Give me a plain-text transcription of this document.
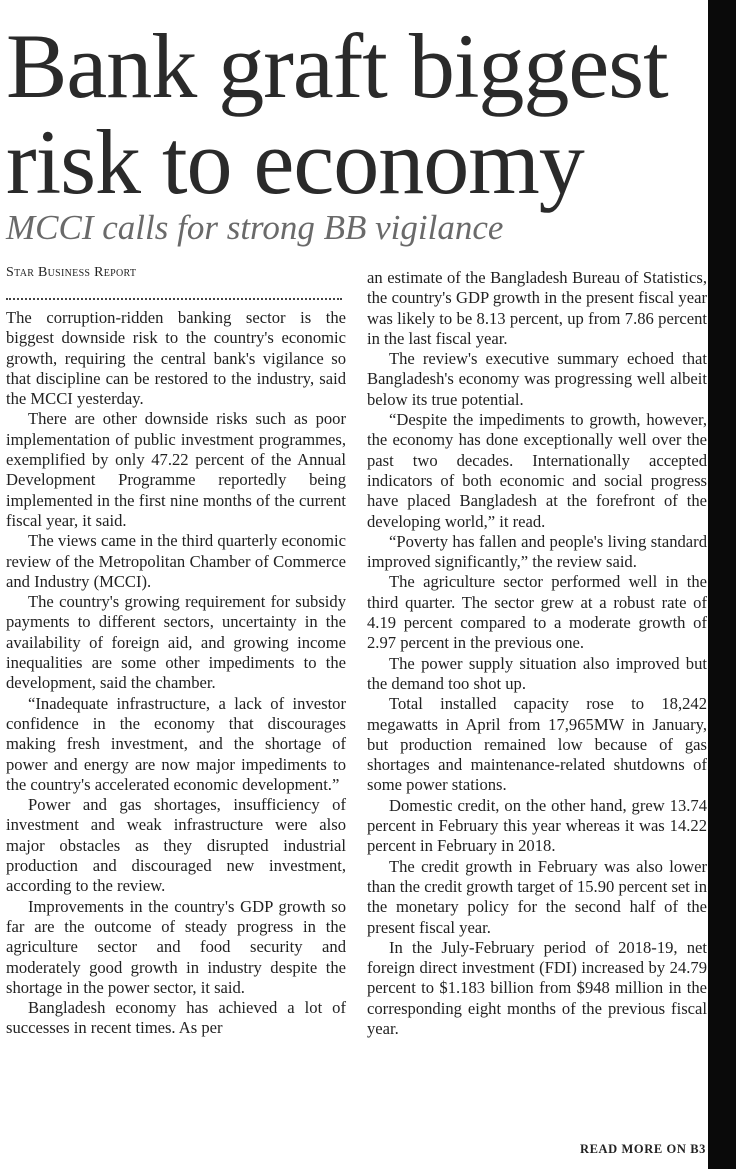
Bank graft biggest
risk to economy
MCCI calls for strong BB vigilance
Star Business Report

The corruption-ridden banking sector is the biggest downside risk to the country's economic growth, requiring the central bank's vigilance so that discipline can be restored to the industry, said the MCCI yesterday.

There are other downside risks such as poor implementation of public investment programmes, exemplified by only 47.22 percent of the Annual Development Programme reportedly being implemented in the first nine months of the current fiscal year, it said.

The views came in the third quarterly economic review of the Metropolitan Chamber of Commerce and Industry (MCCI).

The country's growing requirement for subsidy payments to different sectors, uncertainty in the availability of foreign aid, and growing income inequalities are some other impediments to the development, said the chamber.

“Inadequate infrastructure, a lack of investor confidence in the economy that discourages making fresh investment, and the shortage of power and energy are now major impediments to the country's accelerated economic development.”

Power and gas shortages, insufficiency of investment and weak infrastructure were also major obstacles as they disrupted industrial production and discouraged new investment, according to the review.

Improvements in the country's GDP growth so far are the outcome of steady progress in the agriculture sector and food security and moderately good growth in industry despite the shortage in the power sector, it said.

Bangladesh economy has achieved a lot of successes in recent times. As per

an estimate of the Bangladesh Bureau of Statistics, the country's GDP growth in the present fiscal year was likely to be 8.13 percent, up from 7.86 percent in the last fiscal year.

The review's executive summary echoed that Bangladesh's economy was progressing well albeit below its true potential.

“Despite the impediments to growth, however, the economy has done exceptionally well over the past two decades. Internationally accepted indicators of both economic and social progress have placed Bangladesh at the forefront of the developing world,” it read.

“Poverty has fallen and people's living standard improved significantly,” the review said.

The agriculture sector performed well in the third quarter. The sector grew at a robust rate of 4.19 percent compared to a moderate growth of 2.97 percent in the previous one.

The power supply situation also improved but the demand too shot up.

Total installed capacity rose to 18,242 megawatts in April from 17,965MW in January, but production remained low because of gas shortages and maintenance-related shutdowns of some power stations.

Domestic credit, on the other hand, grew 13.74 percent in February this year whereas it was 14.22 percent in February in 2018.

The credit growth in February was also lower than the credit growth target of 15.90 percent set in the monetary policy for the second half of the present fiscal year.

In the July-February period of 2018-19, net foreign direct investment (FDI) increased by 24.79 percent to $1.183 billion from $948 million in the corresponding eight months of the previous fiscal year.

READ MORE ON B3
